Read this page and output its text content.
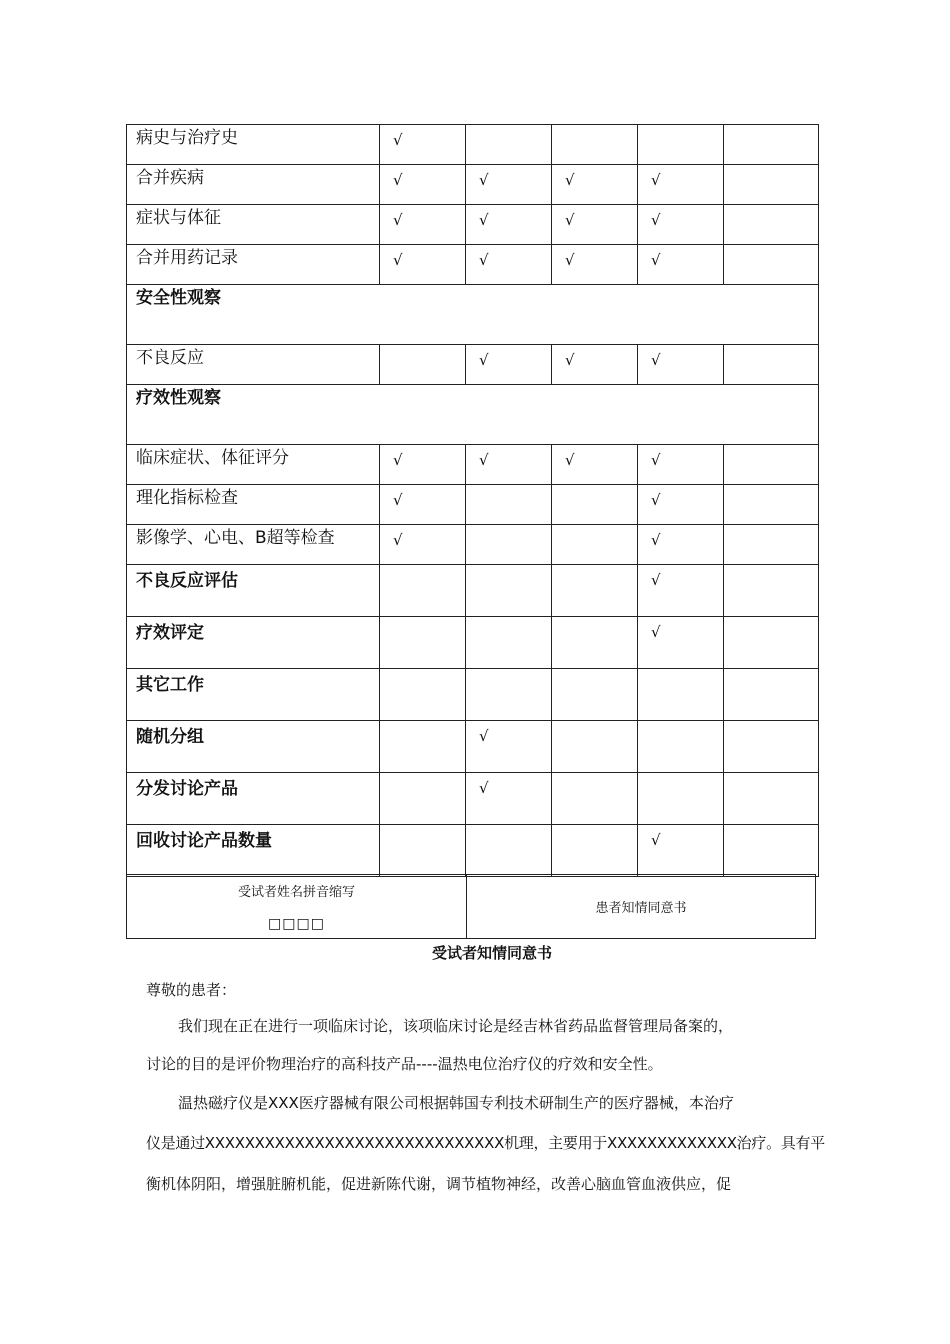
病史与治疗史	√				
合并疾病	√	√	√	√	
症状与体征	√	√	√	√	
合并用药记录	√	√	√	√	
安全性观察					
不良反应		√	√	√	
疗效性观察					
临床症状、体征评分	√	√	√	√	
理化指标检查	√			√	
影像学、心电、B超等检查	√			√	
不良反应评估				√	
疗效评定				√	
其它工作					
随机分组		√			
分发讨论产品		√			
回收讨论产品数量				√	
受试者姓名拼音缩写
□□□□
	患者知情同意书
受试者知情同意书
尊敬的患者：
我们现在正在进行一项临床讨论，该项临床讨论是经吉林省药品监督管理局备案的，
讨论的目的是评价物理治疗的高科技产品----温热电位治疗仪的疗效和安全性。
温热磁疗仪是XXX医疗器械有限公司根据韩国专利技术研制生产的医疗器械，本治疗
仪是通过XXXXXXXXXXXXXXXXXXXXXXXXXXXXXX机理，主要用于XXXXXXXXXXXXX治疗。具有平
衡机体阴阳，增强脏腑机能，促进新陈代谢，调节植物神经，改善心脑血管血液供应，促
